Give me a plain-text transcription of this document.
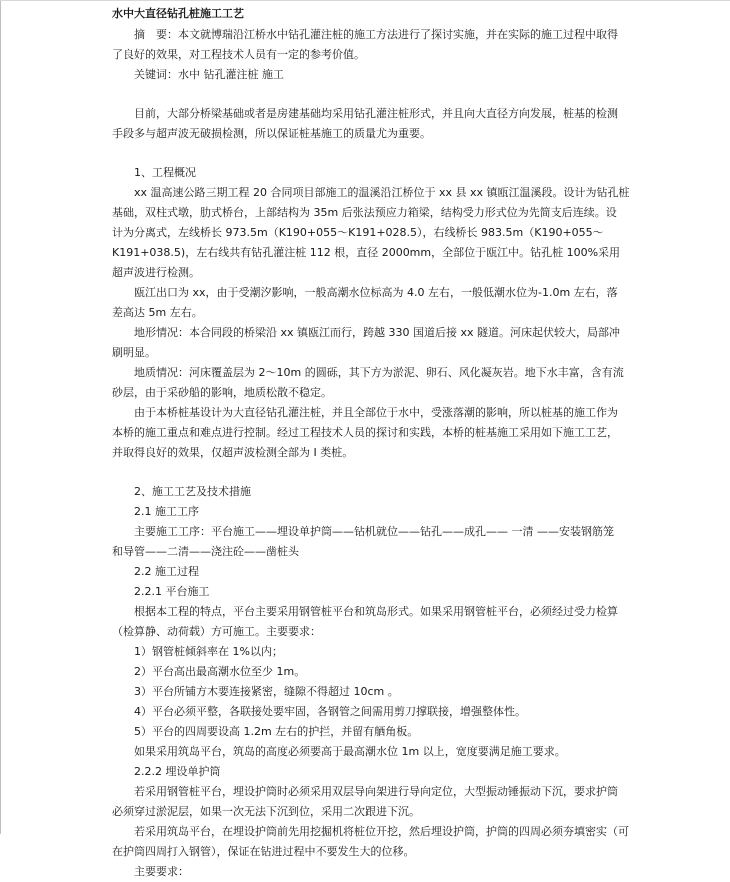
水中大直径钻孔桩施工工艺

摘　要：本文就博瑞沿江桥水中钻孔灌注桩的施工方法进行了探讨实施，并在实际的施工过程中取得

了良好的效果，对工程技术人员有一定的参考价值。

关键词：水中 钻孔灌注桩 施工

目前，大部分桥梁基础或者是房建基础均采用钻孔灌注桩形式，并且向大直径方向发展，桩基的检测

手段多与超声波无破损检测，所以保证桩基施工的质量尤为重要。

1、工程概况

xx 温高速公路三期工程 20 合同项目部施工的温溪沿江桥位于 xx 县 xx 镇瓯江温溪段。设计为钻孔桩

基础，双柱式墩，肋式桥台，上部结构为 35m 后张法预应力箱梁，结构受力形式位为先简支后连续。设

计为分离式，左线桥长 973.5m（K190+055～K191+028.5），右线桥长 983.5m（K190+055～

K191+038.5)，左右线共有钻孔灌注桩 112 根，直径 2000mm，全部位于瓯江中。钻孔桩 100%采用

超声波进行检测。

瓯江出口为 xx，由于受潮汐影响，一般高潮水位标高为 4.0 左右，一般低潮水位为-1.0m 左右，落

差高达 5m 左右。

地形情况：本合同段的桥梁沿 xx 镇瓯江而行，跨越 330 国道后接 xx 隧道。河床起伏较大，局部冲

刷明显。

地质情况：河床覆盖层为 2～10m 的圆砾，其下方为淤泥、卵石、风化凝灰岩。地下水丰富，含有流

砂层，由于采砂船的影响，地质松散不稳定。

由于本桥桩基设计为大直径钻孔灌注桩，并且全部位于水中，受涨落潮的影响，所以桩基的施工作为

本桥的施工重点和难点进行控制。经过工程技术人员的探讨和实践，本桥的桩基施工采用如下施工工艺，

并取得良好的效果，仅超声波检测全部为 I 类桩。

2、施工工艺及技术措施

2.1 施工工序

主要施工工序：平台施工——埋设单护筒——钻机就位——钻孔——成孔—— 一清 ——安装钢筋笼

和导管——二清——浇注砼——凿桩头

2.2 施工过程

2.2.1 平台施工

根据本工程的特点，平台主要采用钢管桩平台和筑岛形式。如果采用钢管桩平台，必须经过受力检算

（检算静、动荷载）方可施工。主要要求：

1）钢管桩倾斜率在 1%以内；

2）平台高出最高潮水位至少 1m。

3）平台所铺方木要连接紧密，缝隙不得超过 10cm 。

4）平台必须平整，各联接处要牢固，各钢管之间需用剪刀撑联接，增强整体性。

5）平台的四周要设高 1.2m 左右的护拦，并留有舾角板。

如果采用筑岛平台，筑岛的高度必须要高于最高潮水位 1m 以上，宽度要满足施工要求。

2.2.2 埋设单护筒

若采用钢管桩平台，埋设护筒时必须采用双层导向架进行导向定位，大型振动锤振动下沉，要求护筒

必须穿过淤泥层，如果一次无法下沉到位，采用二次跟进下沉。

若采用筑岛平台，在埋设护筒前先用挖掘机将桩位开挖，然后埋设护筒，护筒的四周必须夯填密实（可

在护筒四周打入钢管），保证在钻进过程中不要发生大的位移。

主要要求：
